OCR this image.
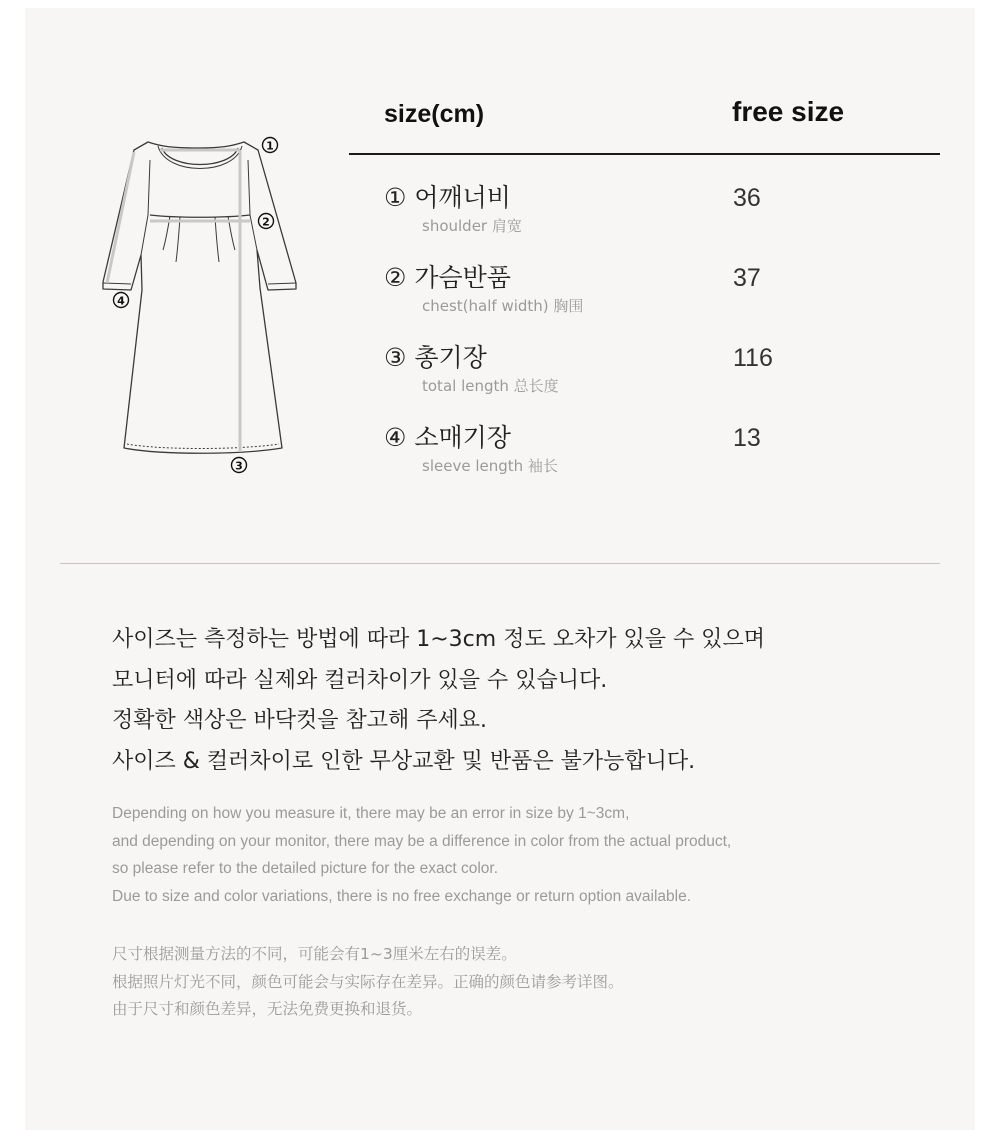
1
2
3
4
size(cm)	free size
① 어깨너비
shoulder 肩宽
36
② 가슴반품
chest(half width) 胸围
37
③ 총기장
total length 总长度
116
④ 소매기장
sleeve length 袖长
13
사이즈는 측정하는 방법에 따라 1~3cm 정도 오차가 있을 수 있으며
모니터에 따라 실제와 컬러차이가 있을 수 있습니다.
정확한 색상은 바닥컷을 참고해 주세요.
사이즈 & 컬러차이로 인한 무상교환 및 반품은 불가능합니다.
Depending on how you measure it, there may be an error in size by 1~3cm,
and depending on your monitor, there may be a difference in color from the actual product,
so please refer to the detailed picture for the exact color.
Due to size and color variations, there is no free exchange or return option available.
尺寸根据测量方法的不同，可能会有1~3厘米左右的误差。
根据照片灯光不同，颜色可能会与实际存在差异。正确的颜色请参考详图。
由于尺寸和颜色差异，无法免费更换和退货。
